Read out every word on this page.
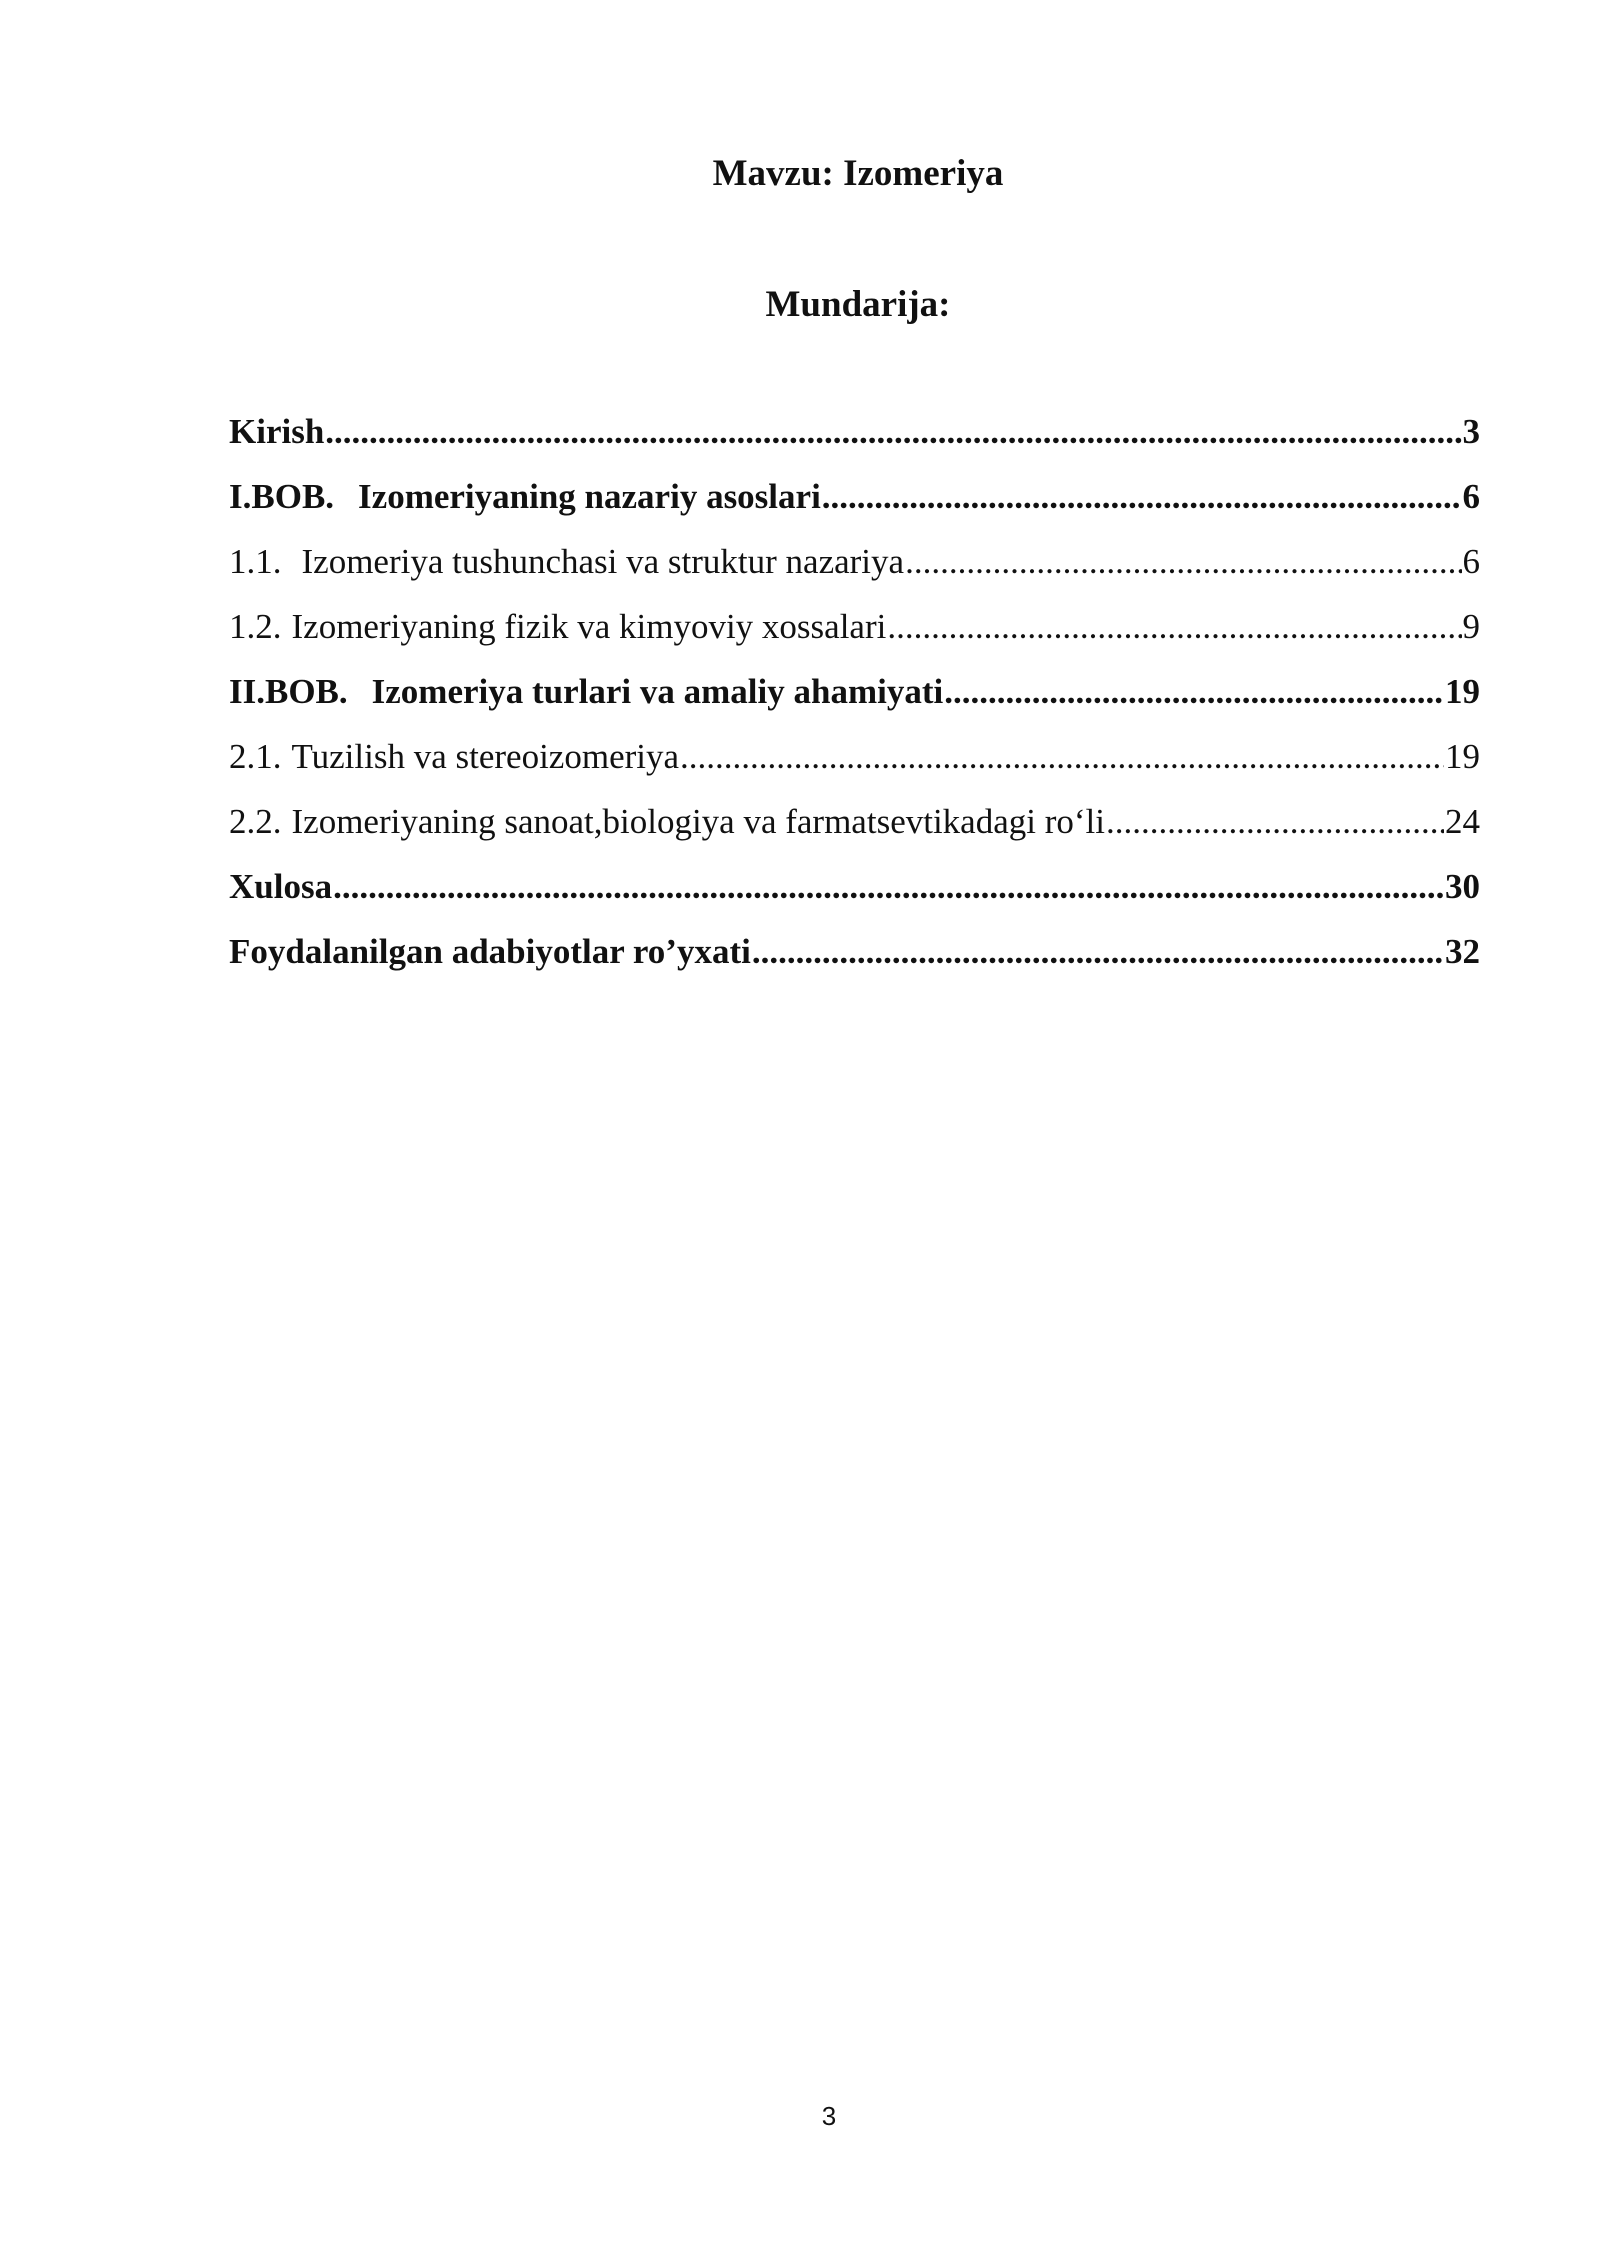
Mavzu: Izomeriya
Mundarija:
Kirish .....	3
I.BOB. Izomeriyaning nazariy asoslari .....	6
1.1. Izomeriya tushunchasi va struktur nazariya .....	6
1.2. Izomeriyaning fizik va kimyoviy xossalari .....	9
II.BOB. Izomeriya turlari va amaliy ahamiyati .....	19
2.1. Tuzilish va stereoizomeriya .....	19
2.2. Izomeriyaning sanoat,biologiya va farmatsevtikadagi ro‘li .....	24
Xulosa .....	30
Foydalanilgan adabiyotlar ro’yxati .....	32
3
